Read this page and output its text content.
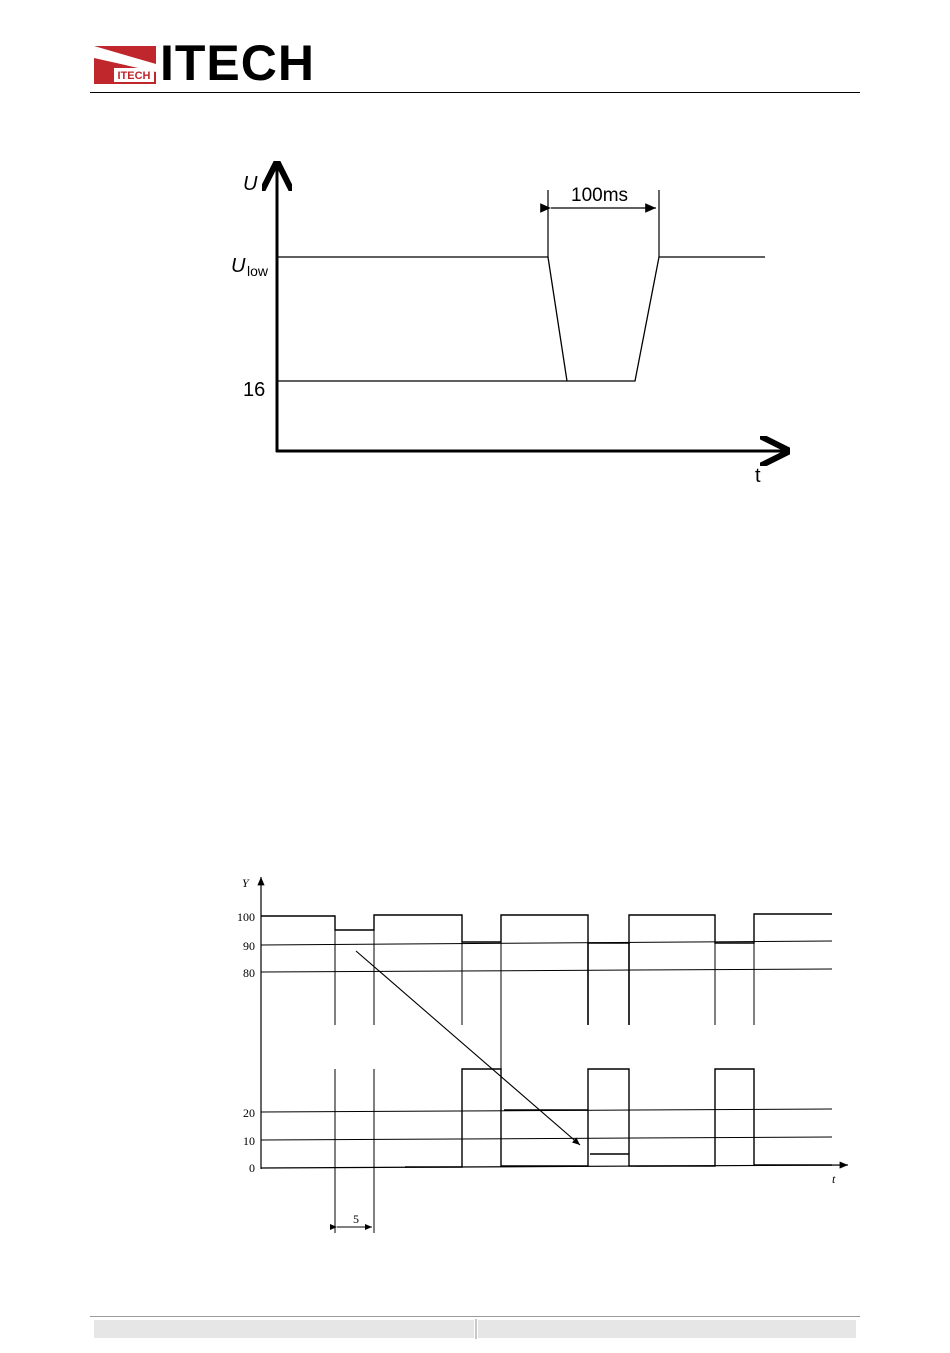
ITECH ITECH
U
t
U low
16
100ms
100
90
80
20
10
0
Y
t
5
